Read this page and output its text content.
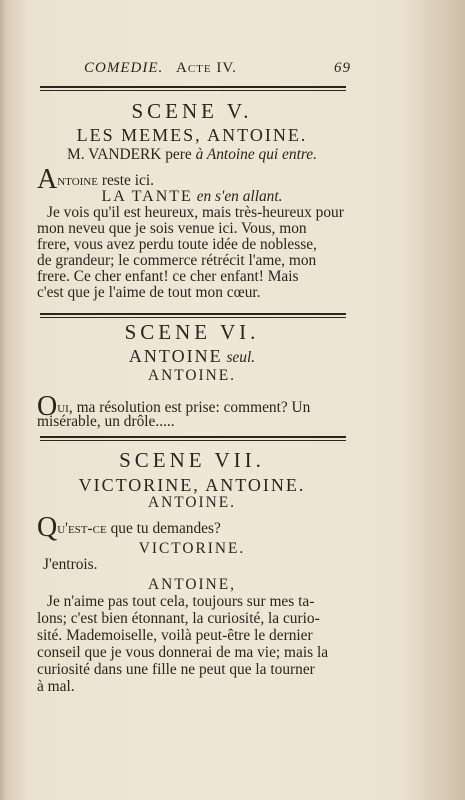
COMEDIE. Acte IV.	69
SCENE V.
LES MEMES, ANTOINE.
M. VANDERK pere à Antoine qui entre.
Antoine reste ici.
LA TANTE en s'en allant.
Je vois qu'il est heureux, mais très-heureux pour
mon neveu que je sois venue ici. Vous, mon
frere, vous avez perdu toute idée de noblesse,
de grandeur; le commerce rétrécit l'ame, mon
frere. Ce cher enfant! ce cher enfant! Mais
c'est que je l'aime de tout mon cœur.
SCENE VI.
ANTOINE seul.
ANTOINE.
Oui, ma résolution est prise: comment? Un
misérable, un drôle.....
SCENE VII.
VICTORINE, ANTOINE.
ANTOINE.
Qu'est-ce que tu demandes?
VICTORINE.
J'entrois.
ANTOINE,
Je n'aime pas tout cela, toujours sur mes ta-
lons; c'est bien étonnant, la curiosité, la curio-
sité. Mademoiselle, voilà peut-être le dernier
conseil que je vous donnerai de ma vie; mais la
curiosité dans une fille ne peut que la tourner
à mal.
